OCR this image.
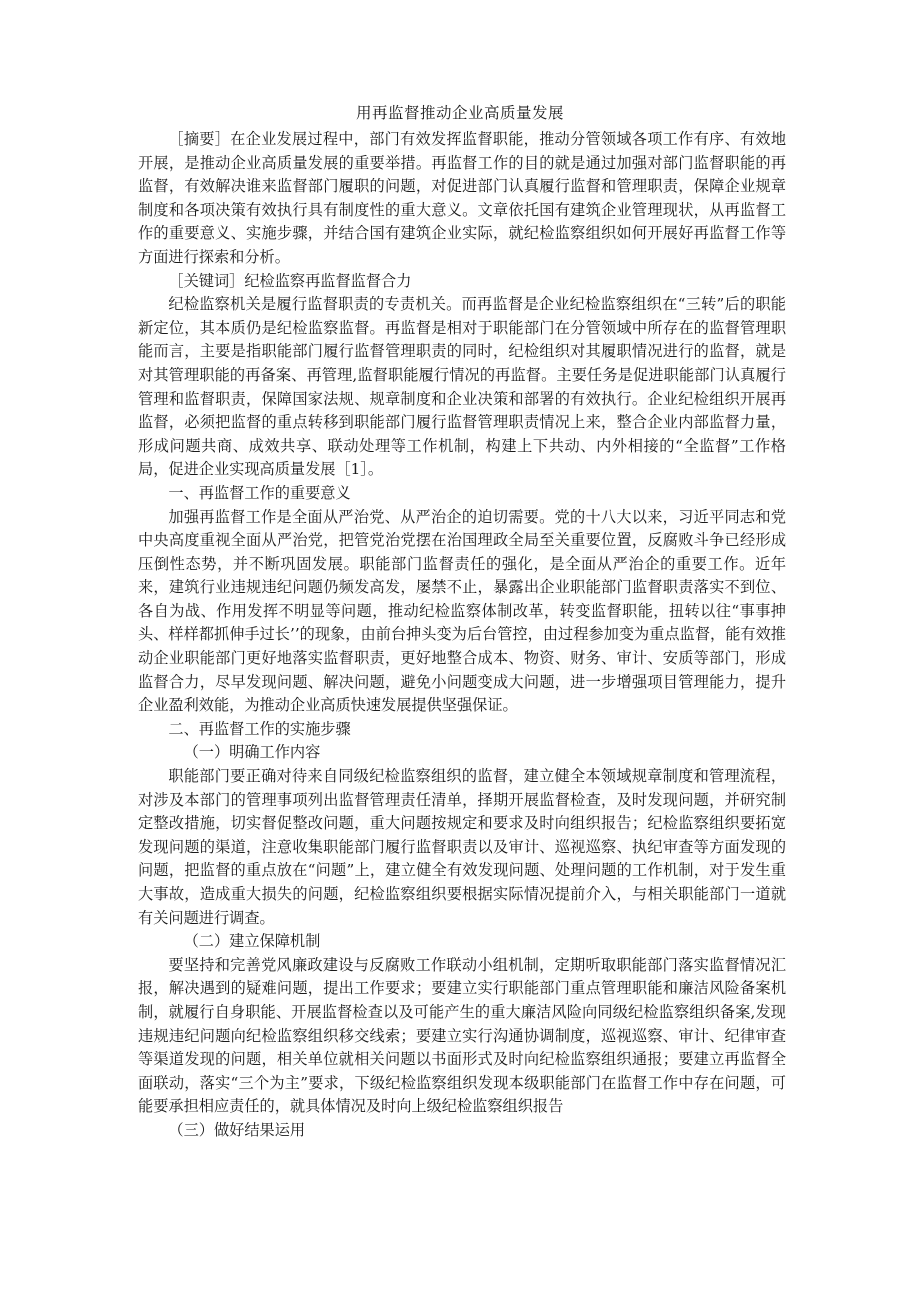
用再监督推动企业高质量发展

［摘要］在企业发展过程中，部门有效发挥监督职能，推动分管领域各项工作有序、有效地开展，是推动企业高质量发展的重要举措。再监督工作的目的就是通过加强对部门监督职能的再监督，有效解决谁来监督部门履职的问题，对促进部门认真履行监督和管理职责，保障企业规章制度和各项决策有效执行具有制度性的重大意义。文章依托国有建筑企业管理现状，从再监督工作的重要意义、实施步骤，并结合国有建筑企业实际，就纪检监察组织如何开展好再监督工作等方面进行探索和分析。

［关键词］纪检监察再监督监督合力

纪检监察机关是履行监督职责的专责机关。而再监督是企业纪检监察组织在“三转”后的职能新定位，其本质仍是纪检监察监督。再监督是相对于职能部门在分管领域中所存在的监督管理职能而言，主要是指职能部门履行监督管理职责的同时，纪检组织对其履职情况进行的监督，就是对其管理职能的再备案、再管理,监督职能履行情况的再监督。主要任务是促进职能部门认真履行管理和监督职责，保障国家法规、规章制度和企业决策和部署的有效执行。企业纪检组织开展再监督，必须把监督的重点转移到职能部门履行监督管理职责情况上来，整合企业内部监督力量，形成问题共商、成效共享、联动处理等工作机制，构建上下共动、内外相接的“全监督”工作格局，促进企业实现高质量发展［1］。

一、再监督工作的重要意义

加强再监督工作是全面从严治党、从严治企的迫切需要。党的十八大以来，习近平同志和党中央高度重视全面从严治党，把管党治党摆在治国理政全局至关重要位置，反腐败斗争已经形成压倒性态势，并不断巩固发展。职能部门监督责任的强化，是全面从严治企的重要工作。近年来，建筑行业违规违纪问题仍频发高发，屡禁不止，暴露出企业职能部门监督职责落实不到位、各自为战、作用发挥不明显等问题，推动纪检监察体制改革，转变监督职能，扭转以往“事事抻头、样样都抓伸手过长’’的现象，由前台抻头变为后台管控，由过程参加变为重点监督，能有效推动企业职能部门更好地落实监督职责，更好地整合成本、物资、财务、审计、安质等部门，形成监督合力，尽早发现问题、解决问题，避免小问题变成大问题，进一步增强项目管理能力，提升企业盈利效能，为推动企业高质快速发展提供坚强保证。

二、再监督工作的实施步骤

（一）明确工作内容

职能部门要正确对待来自同级纪检监察组织的监督，建立健全本领域规章制度和管理流程，对涉及本部门的管理事项列出监督管理责任清单，择期开展监督检查，及时发现问题，并研究制定整改措施，切实督促整改问题，重大问题按规定和要求及时向组织报告；纪检监察组织要拓宽发现问题的渠道，注意收集职能部门履行监督职责以及审计、巡视巡察、执纪审查等方面发现的问题，把监督的重点放在“问题”上，建立健全有效发现问题、处理问题的工作机制，对于发生重大事故，造成重大损失的问题，纪检监察组织要根据实际情况提前介入，与相关职能部门一道就有关问题进行调查。

（二）建立保障机制

要坚持和完善党风廉政建设与反腐败工作联动小组机制，定期听取职能部门落实监督情况汇报，解决遇到的疑难问题，提出工作要求；要建立实行职能部门重点管理职能和廉洁风险备案机制，就履行自身职能、开展监督检查以及可能产生的重大廉洁风险向同级纪检监察组织备案,发现违规违纪问题向纪检监察组织移交线索；要建立实行沟通协调制度，巡视巡察、审计、纪律审查等渠道发现的问题，相关单位就相关问题以书面形式及时向纪检监察组织通报；要建立再监督全面联动，落实“三个为主”要求，下级纪检监察组织发现本级职能部门在监督工作中存在问题，可能要承担相应责任的，就具体情况及时向上级纪检监察组织报告

（三）做好结果运用
